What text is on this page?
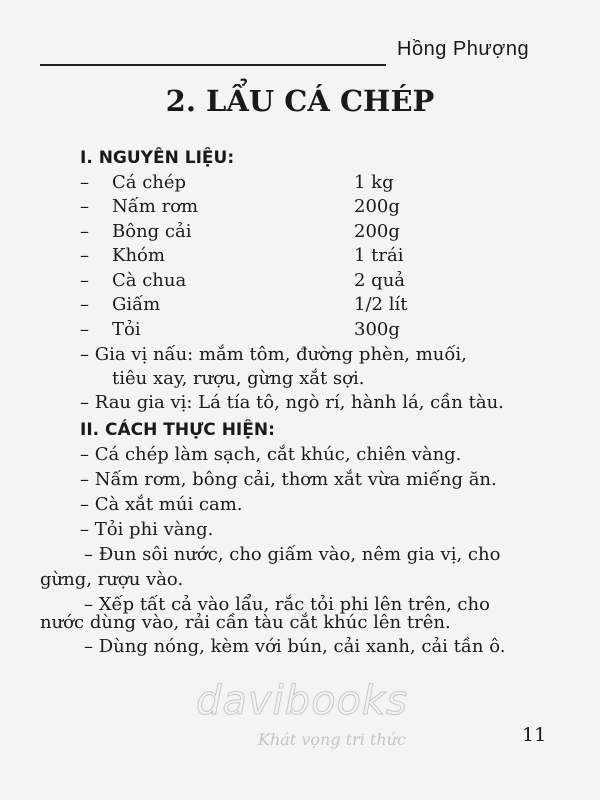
Hồng Phượng
2. LẨU CÁ CHÉP
I. NGUYÊN LIỆU:
– Cá chép	1 kg
– Nấm rơm	200g
– Bông cải	200g
– Khóm	1 trái
– Cà chua	2 quả
– Giấm	1/2 lít
– Tỏi	300g
– Gia vị nấu: mắm tôm, đường phèn, muối,
tiêu xay, rượu, gừng xắt sợi.
– Rau gia vị: Lá tía tô, ngò rí, hành lá, cần tàu.
II. CÁCH THỰC HIỆN:
– Cá chép làm sạch, cắt khúc, chiên vàng.
– Nấm rơm, bông cải, thơm xắt vừa miếng ăn.
– Cà xắt múi cam.
– Tỏi phi vàng.
– Đun sôi nước, cho giấm vào, nêm gia vị, cho
gừng, rượu vào.
– Xếp tất cả vào lẩu, rắc tỏi phi lên trên, cho
nước dùng vào, rải cần tàu cắt khúc lên trên.
– Dùng nóng, kèm với bún, cải xanh, cải tần ô.
davibooks
Khát vọng tri thức	11
